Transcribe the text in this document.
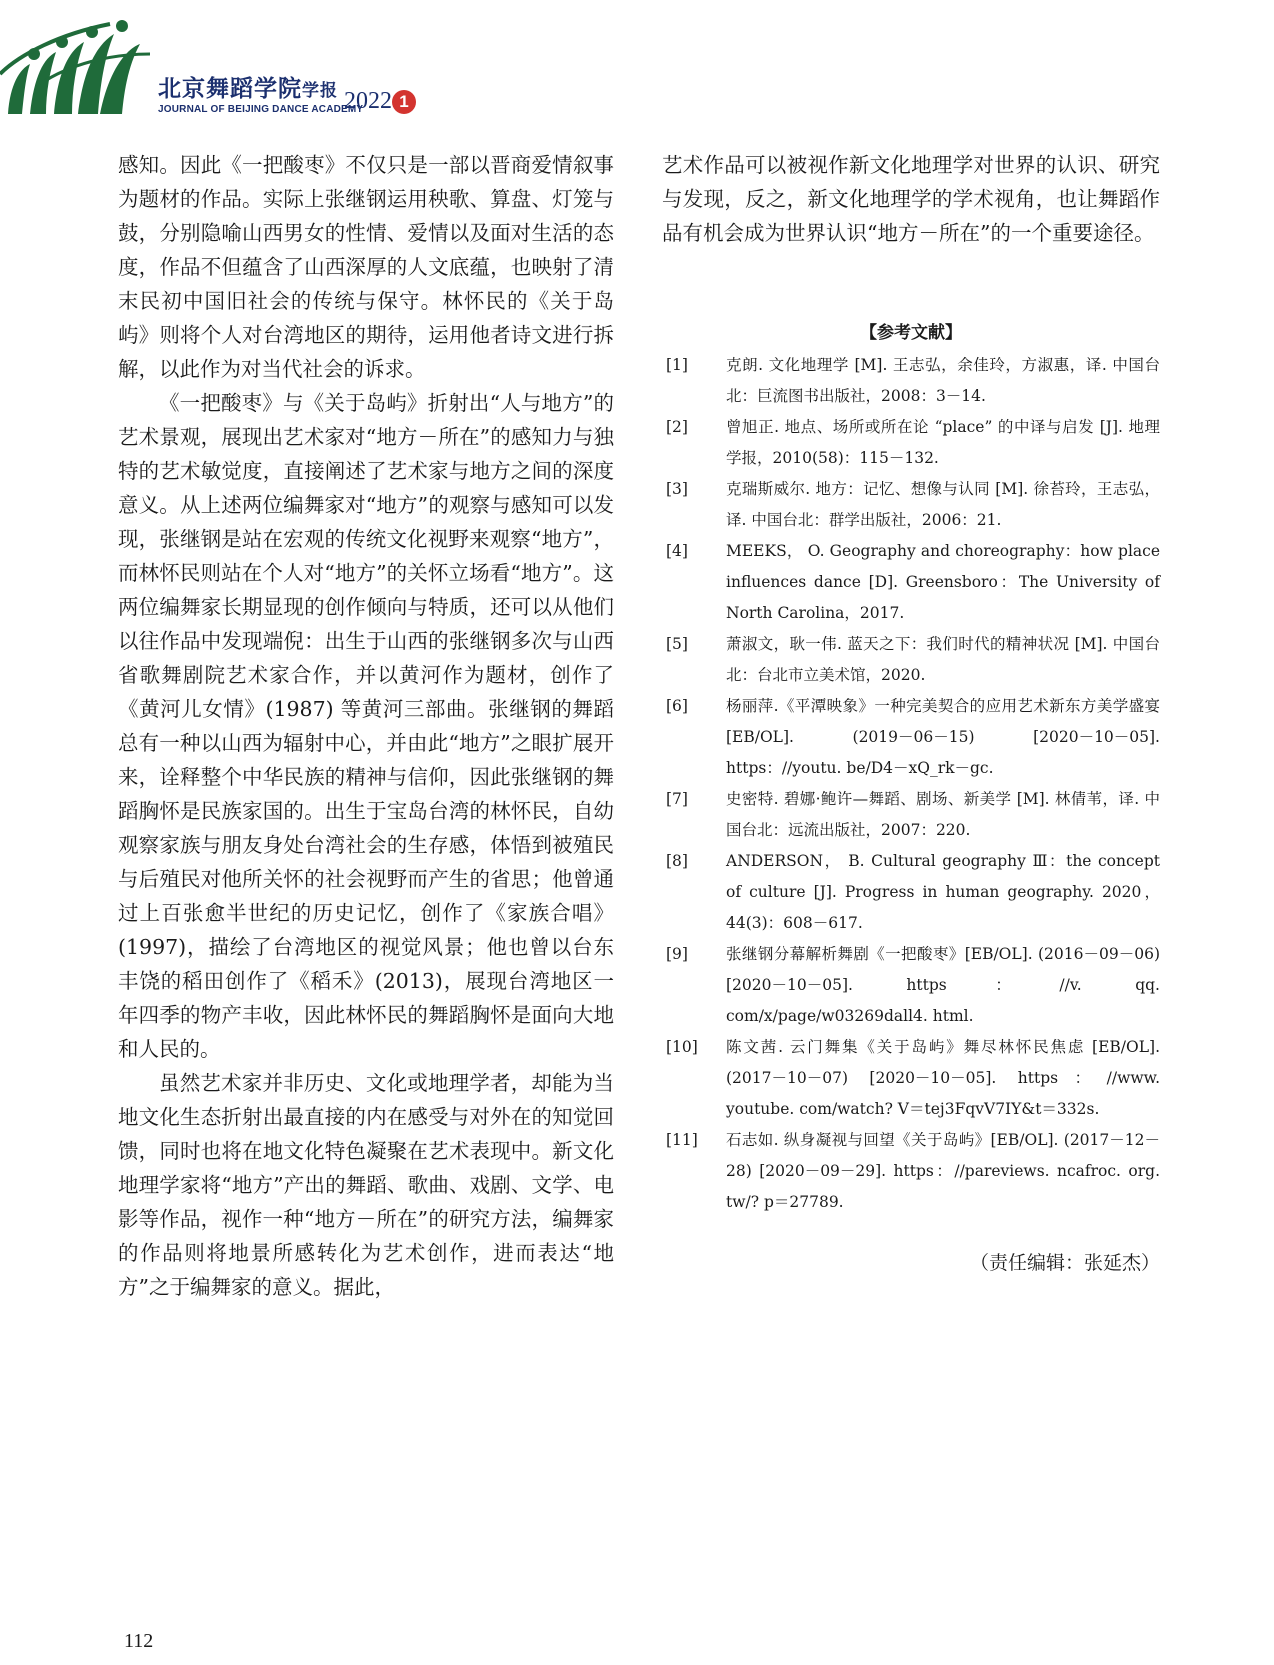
北京舞蹈学院学报
JOURNAL OF BEIJING DANCE ACADEMY
2022 1

感知。因此《一把酸枣》不仅只是一部以晋商爱情叙事为题材的作品。实际上张继钢运用秧歌、算盘、灯笼与鼓，分别隐喻山西男女的性情、爱情以及面对生活的态度，作品不但蕴含了山西深厚的人文底蕴，也映射了清末民初中国旧社会的传统与保守。林怀民的《关于岛屿》则将个人对台湾地区的期待，运用他者诗文进行拆解，以此作为对当代社会的诉求。

《一把酸枣》与《关于岛屿》折射出“人与地方”的艺术景观，展现出艺术家对“地方－所在”的感知力与独特的艺术敏觉度，直接阐述了艺术家与地方之间的深度意义。从上述两位编舞家对“地方”的观察与感知可以发现，张继钢是站在宏观的传统文化视野来观察“地方”，而林怀民则站在个人对“地方”的关怀立场看“地方”。这两位编舞家长期显现的创作倾向与特质，还可以从他们以往作品中发现端倪：出生于山西的张继钢多次与山西省歌舞剧院艺术家合作，并以黄河作为题材，创作了《黄河儿女情》(1987) 等黄河三部曲。张继钢的舞蹈总有一种以山西为辐射中心，并由此“地方”之眼扩展开来，诠释整个中华民族的精神与信仰，因此张继钢的舞蹈胸怀是民族家国的。出生于宝岛台湾的林怀民，自幼观察家族与朋友身处台湾社会的生存感，体悟到被殖民与后殖民对他所关怀的社会视野而产生的省思；他曾通过上百张愈半世纪的历史记忆，创作了《家族合唱》(1997)，描绘了台湾地区的视觉风景；他也曾以台东丰饶的稻田创作了《稻禾》(2013)，展现台湾地区一年四季的物产丰收，因此林怀民的舞蹈胸怀是面向大地和人民的。

虽然艺术家并非历史、文化或地理学者，却能为当地文化生态折射出最直接的内在感受与对外在的知觉回馈，同时也将在地文化特色凝聚在艺术表现中。新文化地理学家将“地方”产出的舞蹈、歌曲、戏剧、文学、电影等作品，视作一种“地方－所在”的研究方法，编舞家的作品则将地景所感转化为艺术创作，进而表达“地方”之于编舞家的意义。据此，

艺术作品可以被视作新文化地理学对世界的认识、研究与发现，反之，新文化地理学的学术视角，也让舞蹈作品有机会成为世界认识“地方－所在”的一个重要途径。

【参考文献】
[1] 克朗. 文化地理学 [M]. 王志弘，余佳玲，方淑惠，译. 中国台北：巨流图书出版社，2008：3－14.
[2] 曾旭正. 地点、场所或所在论 “place” 的中译与启发 [J]. 地理学报，2010(58)：115－132.
[3] 克瑞斯威尔. 地方：记忆、想像与认同 [M]. 徐苔玲，王志弘，译. 中国台北：群学出版社，2006：21.
[4] MEEKS， O. Geography and choreography：how place influences dance [D]. Greensboro：The University of North Carolina，2017.
[5] 萧淑文，耿一伟. 蓝天之下：我们时代的精神状况 [M]. 中国台北：台北市立美术馆，2020.
[6] 杨丽萍.《平潭映象》一种完美契合的应用艺术新东方美学盛宴 [EB/OL]. (2019－06－15) [2020－10－05]. https：//youtu. be/D4－xQ_rk－gc.
[7] 史密特. 碧娜·鲍许—舞蹈、剧场、新美学 [M]. 林倩苇，译. 中国台北：远流出版社，2007：220.
[8] ANDERSON， B. Cultural geography Ⅲ：the concept of culture [J]. Progress in human geography. 2020，44(3)：608－617.
[9] 张继钢分幕解析舞剧《一把酸枣》[EB/OL]. (2016－09－06) [2020－10－05]. https：//v. qq. com/x/page/w03269dall4. html.
[10] 陈文茜. 云门舞集《关于岛屿》舞尽林怀民焦虑 [EB/OL]. (2017－10－07) [2020－10－05]. https：//www. youtube. com/watch? V＝tej3FqvV7IY&t＝332s.
[11] 石志如. 纵身凝视与回望《关于岛屿》[EB/OL]. (2017－12－28) [2020－09－29]. https：//pareviews. ncafroc. org. tw/? p＝27789.
（责任编辑：张延杰）
112
